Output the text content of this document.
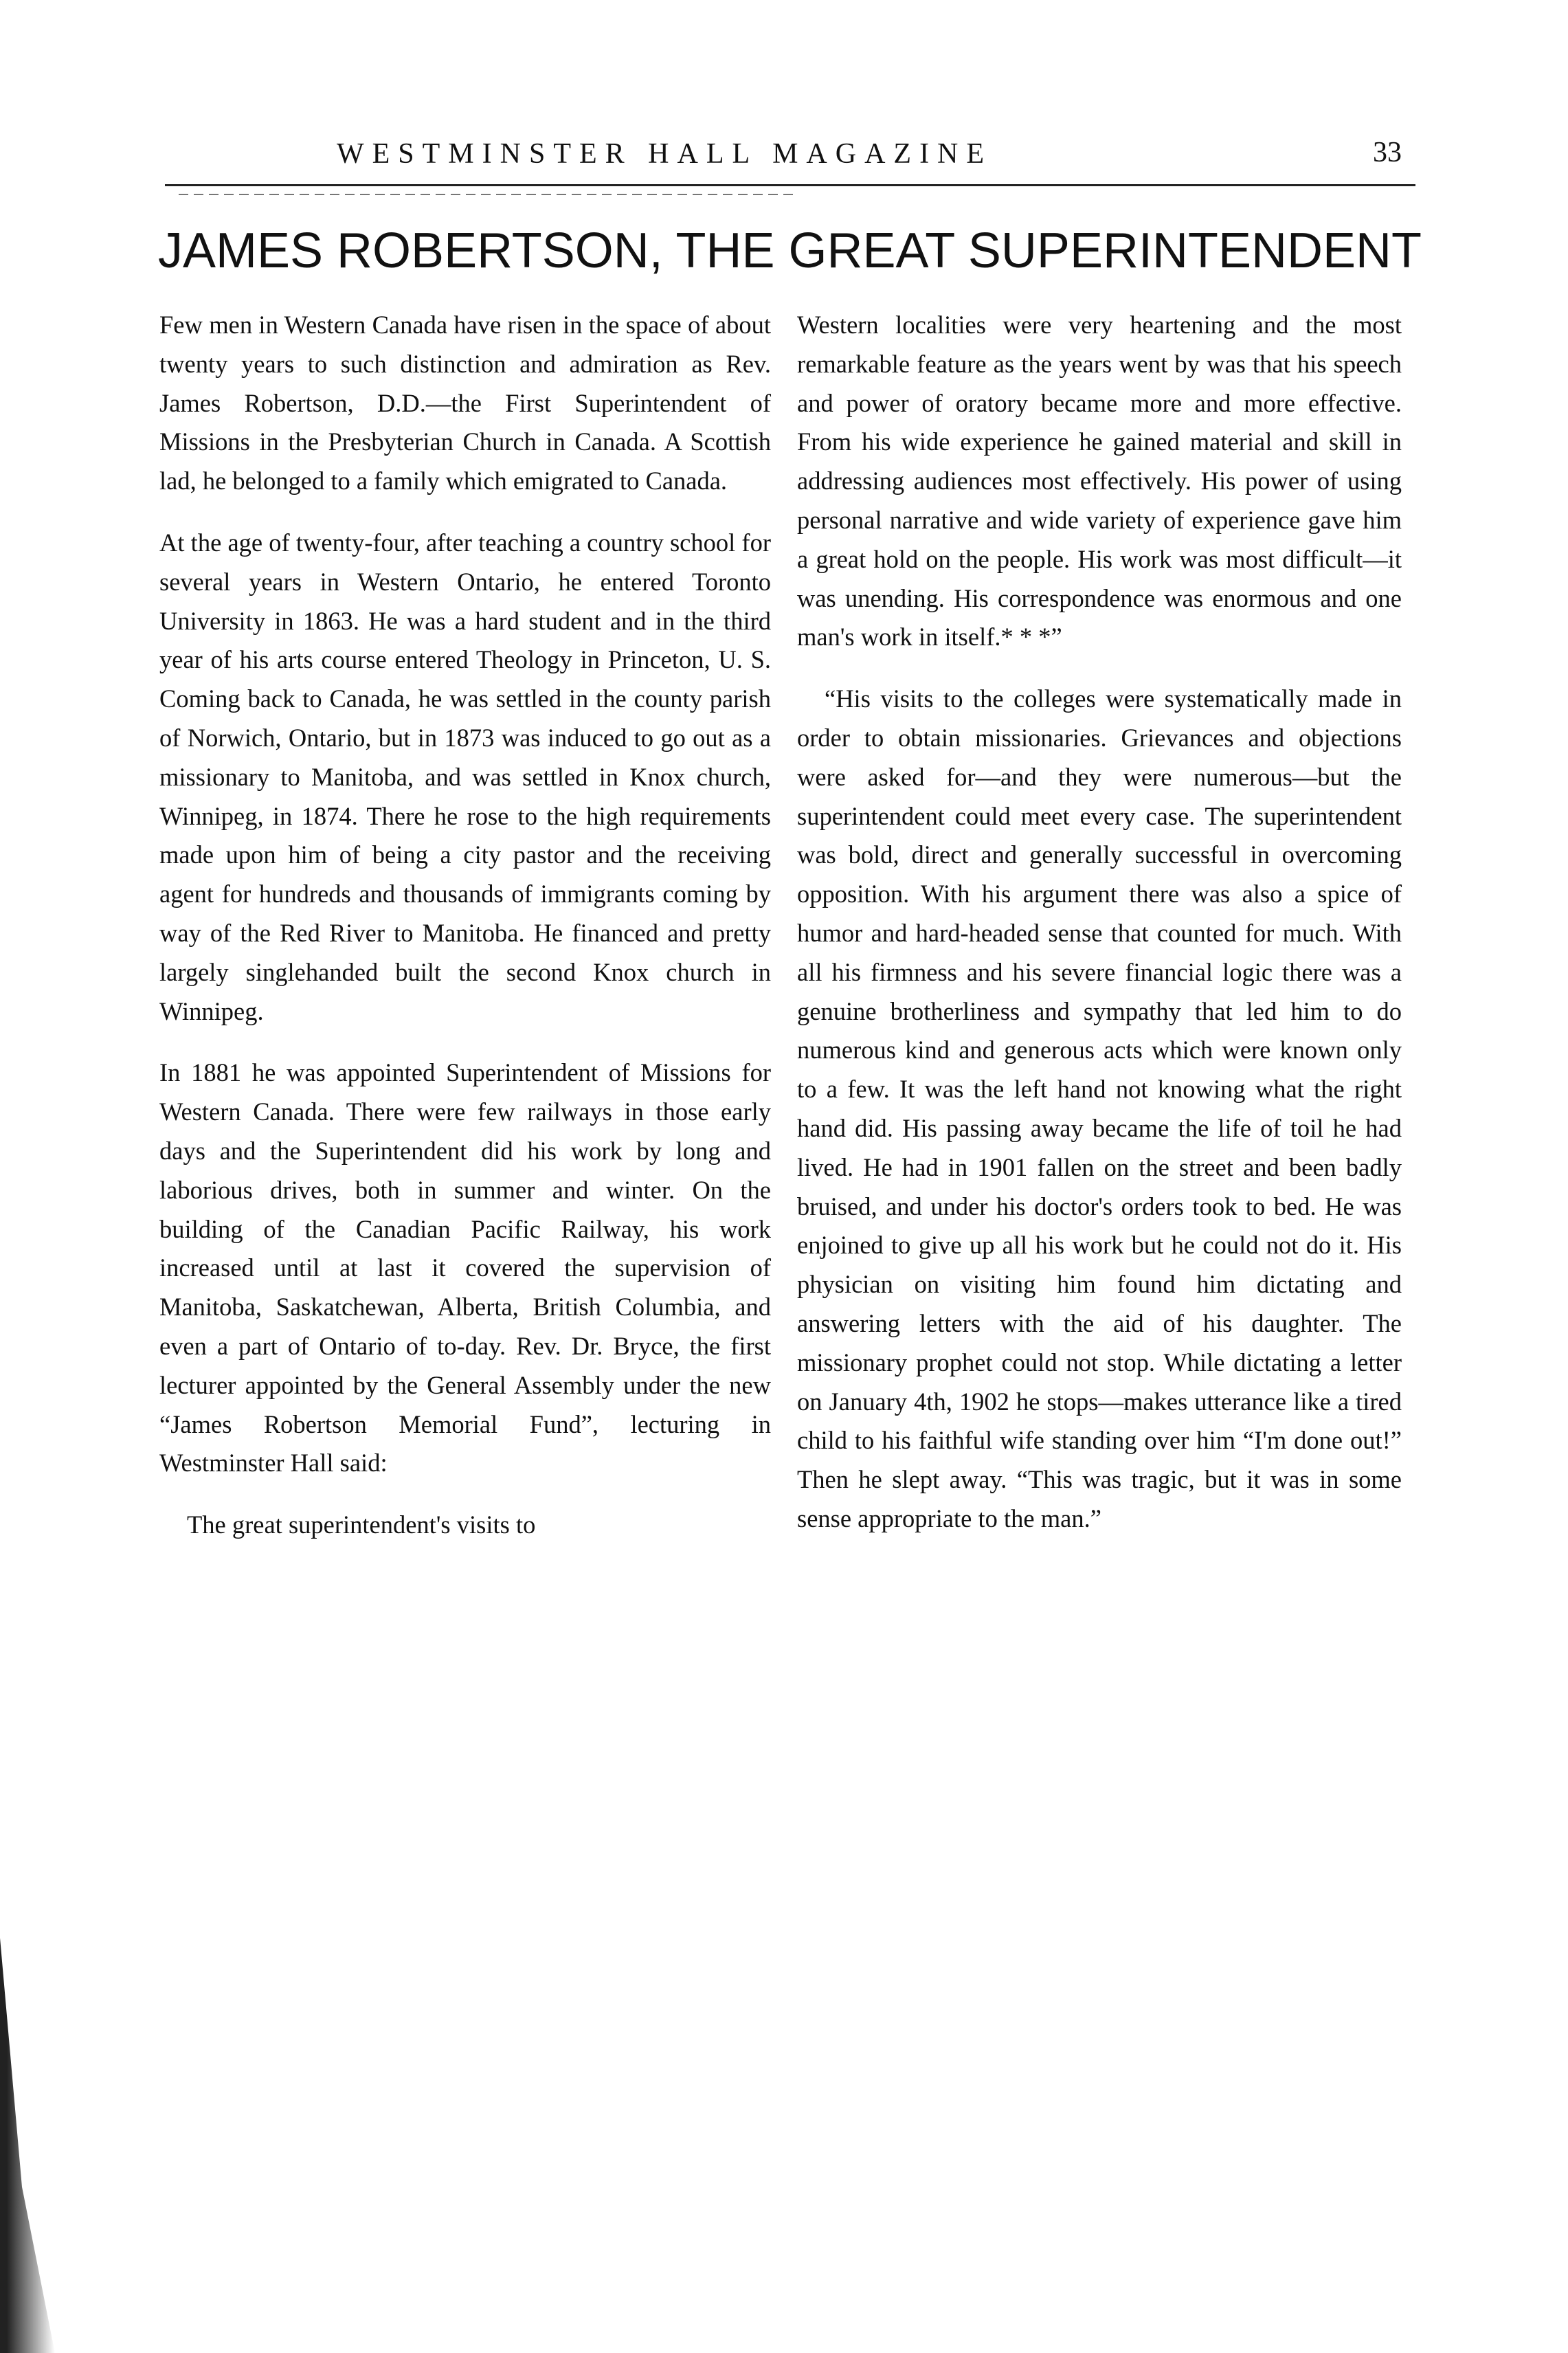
WESTMINSTER HALL MAGAZINE	33
JAMES ROBERTSON, THE GREAT SUPERINTENDENT

Few men in Western Canada have risen in the space of about twenty years to such distinction and admiration as Rev. James Robertson, D.D.—the First Superintendent of Missions in the Presbyterian Church in Canada. A Scottish lad, he belonged to a family which emigrated to Canada.

At the age of twenty-four, after teaching a country school for several years in Western Ontario, he entered Toronto University in 1863. He was a hard student and in the third year of his arts course entered Theology in Princeton, U. S. Coming back to Canada, he was settled in the county parish of Norwich, Ontario, but in 1873 was induced to go out as a missionary to Manitoba, and was settled in Knox church, Winnipeg, in 1874. There he rose to the high requirements made upon him of being a city pastor and the receiving agent for hundreds and thousands of immigrants coming by way of the Red River to Manitoba. He financed and pretty largely singlehanded built the second Knox church in Winnipeg.

In 1881 he was appointed Superintendent of Missions for Western Canada. There were few railways in those early days and the Superintendent did his work by long and laborious drives, both in summer and winter. On the building of the Canadian Pacific Railway, his work increased until at last it covered the supervision of Manitoba, Saskatchewan, Alberta, British Columbia, and even a part of Ontario of to-day. Rev. Dr. Bryce, the first lecturer appointed by the General Assembly under the new “James Robertson Memorial Fund”, lecturing in Westminster Hall said:

The great superintendent's visits to

Western localities were very heartening and the most remarkable feature as the years went by was that his speech and power of oratory became more and more effective. From his wide experience he gained material and skill in addressing audiences most effectively. His power of using personal narrative and wide variety of experience gave him a great hold on the people. His work was most difficult—it was unending. His correspondence was enormous and one man's work in itself.* * *”

“His visits to the colleges were systematically made in order to obtain missionaries. Grievances and objections were asked for—and they were numerous—but the superintendent could meet every case. The superintendent was bold, direct and generally successful in overcoming opposition. With his argument there was also a spice of humor and hard-headed sense that counted for much. With all his firmness and his severe financial logic there was a genuine brotherliness and sympathy that led him to do numerous kind and generous acts which were known only to a few. It was the left hand not knowing what the right hand did. His passing away became the life of toil he had lived. He had in 1901 fallen on the street and been badly bruised, and under his doctor's orders took to bed. He was enjoined to give up all his work but he could not do it. His physician on visiting him found him dictating and answering letters with the aid of his daughter. The missionary prophet could not stop. While dictating a letter on January 4th, 1902 he stops—makes utterance like a tired child to his faithful wife standing over him “I'm done out!” Then he slept away. “This was tragic, but it was in some sense appropriate to the man.”
